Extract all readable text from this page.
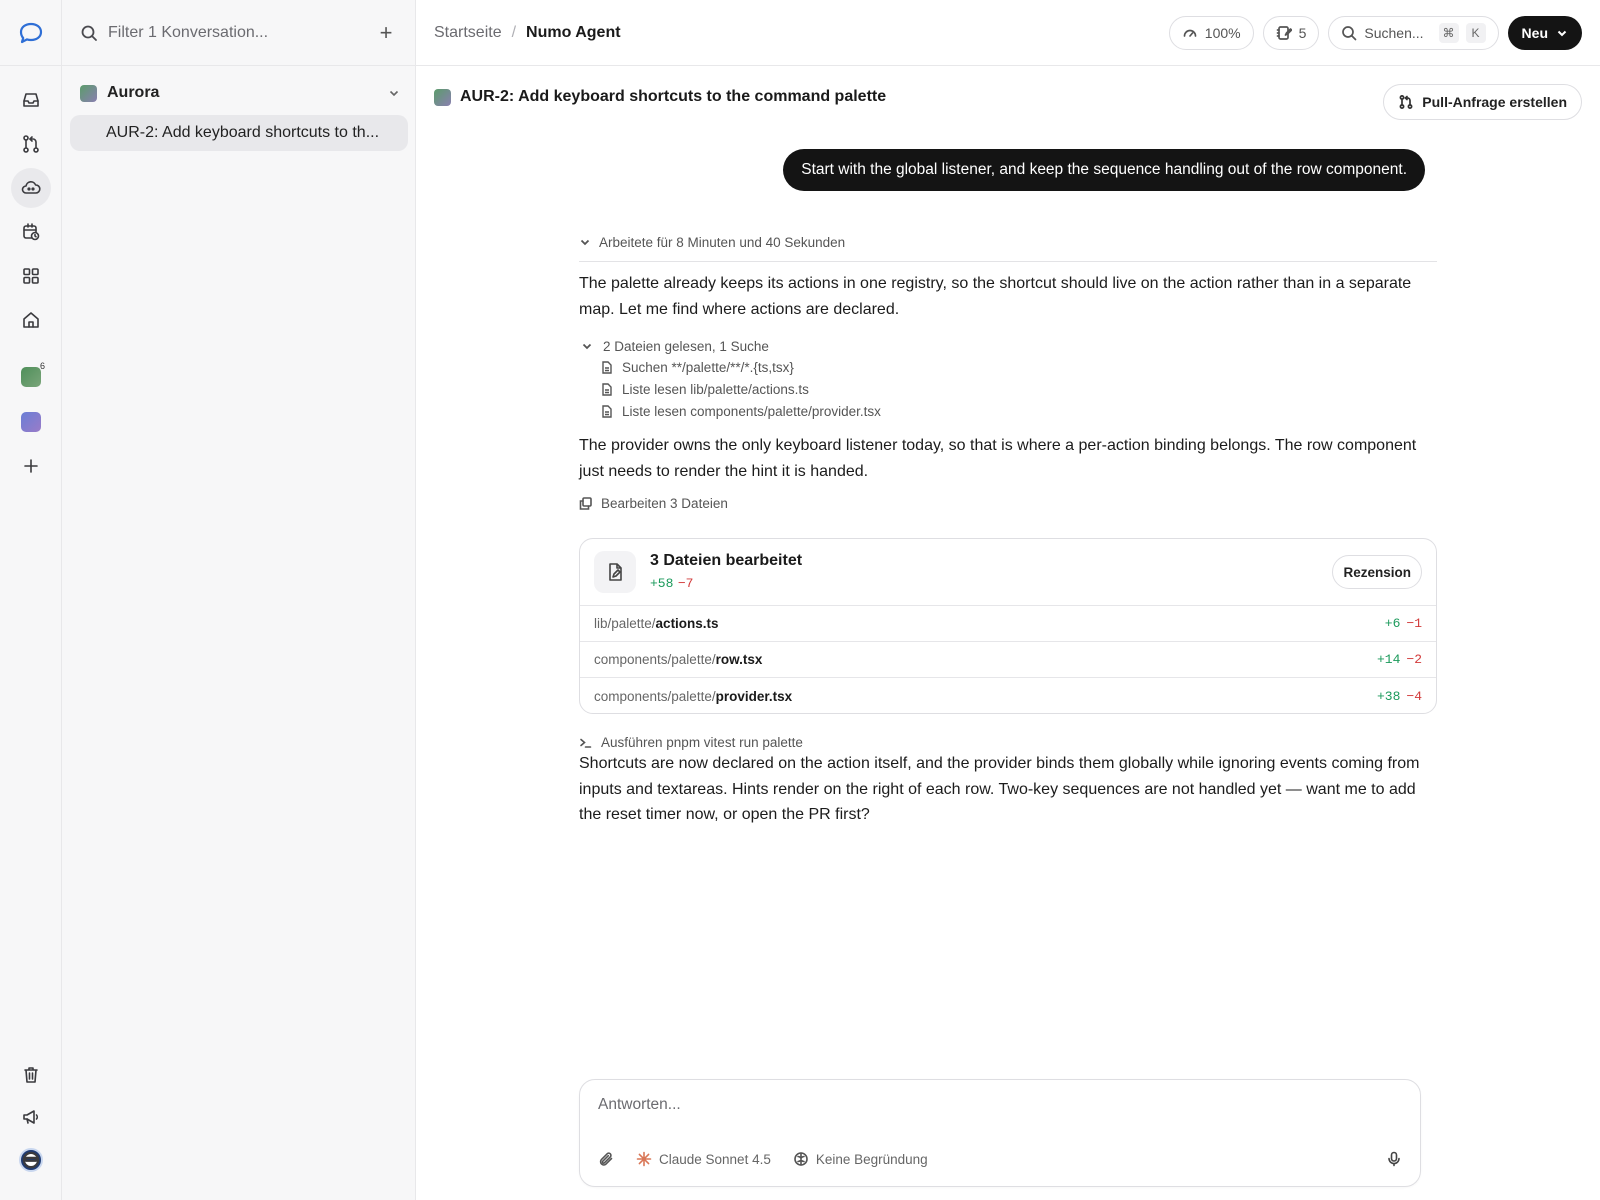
6
Filter 1 Konversation...
+
Aurora
AUR-2: Add keyboard shortcuts to th...
Startseite / Numo Agent	100%	5	Suchen...	⌘	K	Neu
AUR-2: Add keyboard shortcuts to the command palette	Pull-Anfrage erstellen
Start with the global listener, and keep the sequence handling out of the row component.
Arbeitete für 8 Minuten und 40 Sekunden
The palette already keeps its actions in one registry, so the shortcut should live on the action rather than in a separate map. Let me find where actions are declared.
2 Dateien gelesen, 1 Suche
Suchen **/palette/**/*.{ts,tsx}
Liste lesen lib/palette/actions.ts
Liste lesen components/palette/provider.tsx
The provider owns the only keyboard listener today, so that is where a per-action binding belongs. The row component just needs to render the hint it is handed.
Bearbeiten 3 Dateien
3 Dateien bearbeitet
+58 −7
Rezension
lib/palette/ actions.ts	+6 −1
components/palette/ row.tsx	+14 −2
components/palette/ provider.tsx	+38 −4
Ausführen pnpm vitest run palette
Shortcuts are now declared on the action itself, and the provider binds them globally while ignoring events coming from inputs and textareas. Hints render on the right of each row. Two-key sequences are not handled yet — want me to add the reset timer now, or open the PR first?
Antworten...
Claude Sonnet 4.5	Keine Begründung
